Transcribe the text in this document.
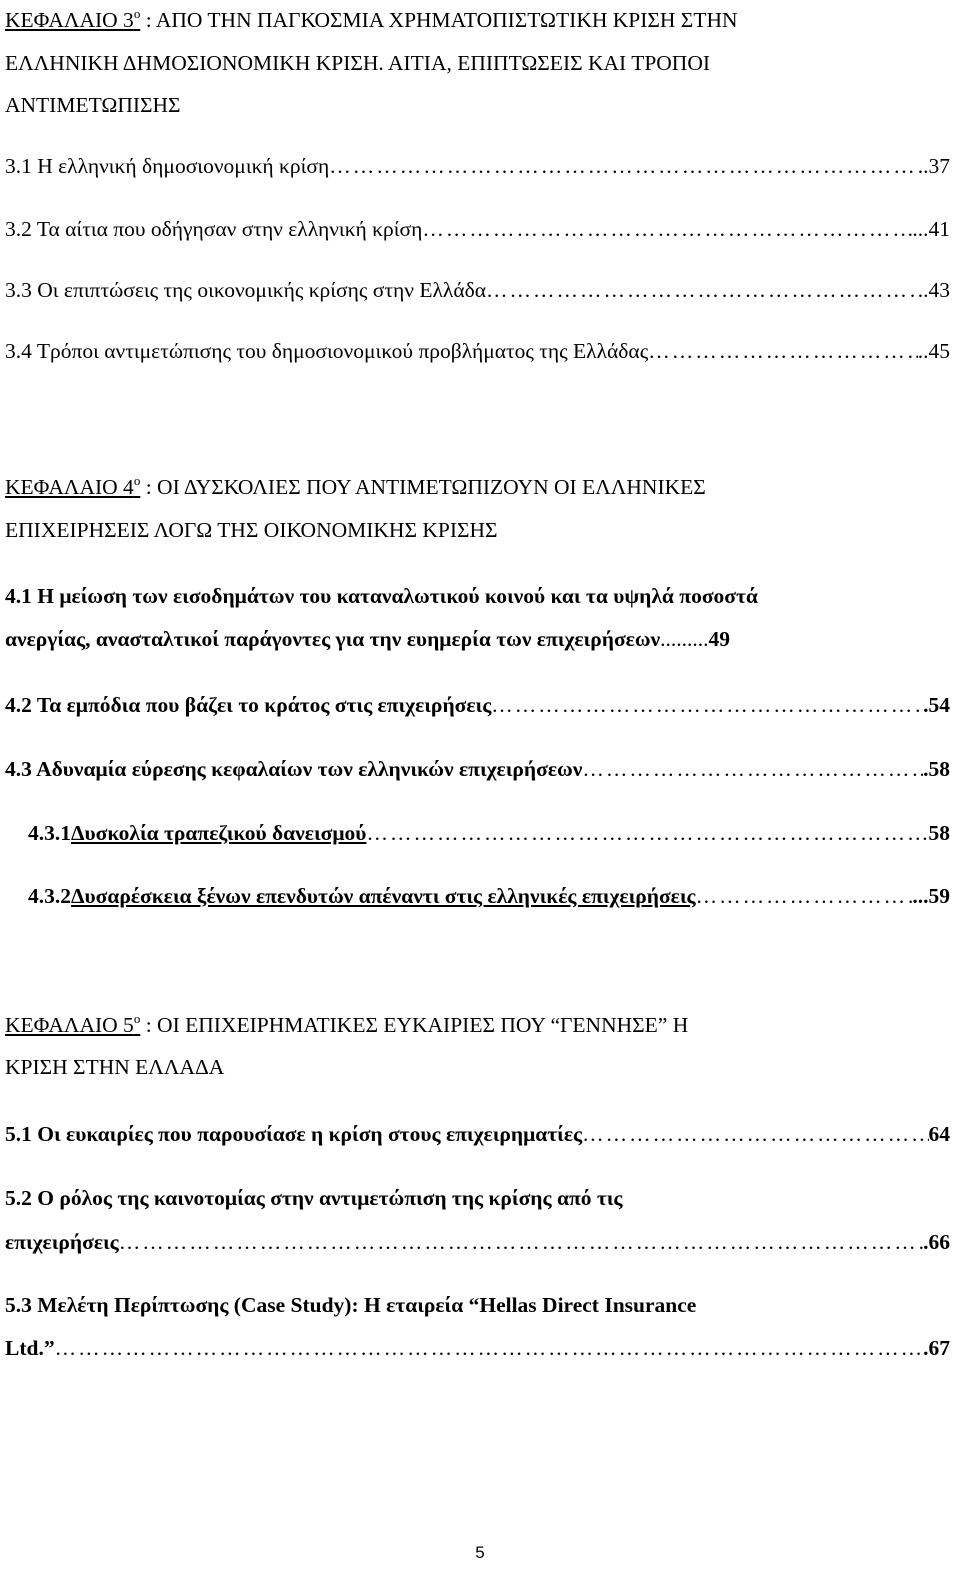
ΚΕΦΑΛΑΙΟ $3^o$ : ΑΠΟ ΤΗΝ ΠΑΓΚΟΣΜΙΑ ΧΡΗΜΑΤΟΠΙΣΤΩΤΙΚΗ ΚΡΙΣΗ ΣΤΗΝ
ΕΛΛΗΝΙΚΗ ΔΗΜΟΣΙΟΝΟΜΙΚΗ ΚΡΙΣΗ. ΑΙΤΙΑ, ΕΠΙΠΤΩΣΕΙΣ ΚΑΙ ΤΡΟΠΟΙ
ΑΝΤΙΜΕΤΩΠΙΣΗΣ
3.1 Η ελληνική δημοσιονομική κρίση …………………………………………………………………………………………………………………………………………………………………………………………	..37
3.2 Τα αίτια που οδήγησαν στην ελληνική κρίση …………………………………………………………………………………………………………………………………………………………………………………………	...41
3.3 Οι επιπτώσεις της οικονομικής κρίσης στην Ελλάδα …………………………………………………………………………………………………………………………………………………………………………………………	..43
3.4 Τρόποι αντιμετώπισης του δημοσιονομικού προβλήματος της Ελλάδας …………………………………………………………………………………………………………………………………………………………………………………………	..45
ΚΕΦΑΛΑΙΟ $4^o$ : ΟΙ ΔΥΣΚΟΛΙΕΣ ΠΟΥ ΑΝΤΙΜΕΤΩΠΙΖΟΥΝ ΟΙ ΕΛΛΗΝΙΚΕΣ
ΕΠΙΧΕΙΡΗΣΕΙΣ ΛΟΓΩ ΤΗΣ ΟΙΚΟΝΟΜΙΚΗΣ ΚΡΙΣΗΣ
4.1 Η μείωση των εισοδημάτων του καταναλωτικού κοινού και τα υψηλά ποσοστά
ανεργίας, ανασταλτικοί παράγοντες για την ευημερία των επιχειρήσεων ......... 49
4.2 Τα εμπόδια που βάζει το κράτος στις επιχειρήσεις …………………………………………………………………………………………………………………………………………………………………………………………	.54
4.3 Αδυναμία εύρεσης κεφαλαίων των ελληνικών επιχειρήσεων …………………………………………………………………………………………………………………………………………………………………………………………	.58
4.3.1 Δυσκολία τραπεζικού δανεισμού …………………………………………………………………………………………………………………………………………………………………………………………	58
4.3.2 Δυσαρέσκεια ξένων επενδυτών απέναντι στις ελληνικές επιχειρήσεις …………………………………………………………………………………………………………………………………………………………………………………………	...59
ΚΕΦΑΛΑΙΟ $5^o$ : ΟΙ ΕΠΙΧΕΙΡΗΜΑΤΙΚΕΣ ΕΥΚΑΙΡΙΕΣ ΠΟΥ “ΓΕΝΝΗΣΕ” Η
ΚΡΙΣΗ ΣΤΗΝ ΕΛΛΑΔΑ
5.1 Οι ευκαιρίες που παρουσίασε η κρίση στους επιχειρηματίες …………………………………………………………………………………………………………………………………………………………………………………………	64
5.2 Ο ρόλος της καινοτομίας στην αντιμετώπιση της κρίσης από τις
επιχειρήσεις …………………………………………………………………………………………………………………………………………………………………………………………	.66
5.3 Μελέτη Περίπτωσης (Case Study): Η εταιρεία “Hellas Direct Insurance
Ltd.” …………………………………………………………………………………………………………………………………………………………………………………………	.67
5
